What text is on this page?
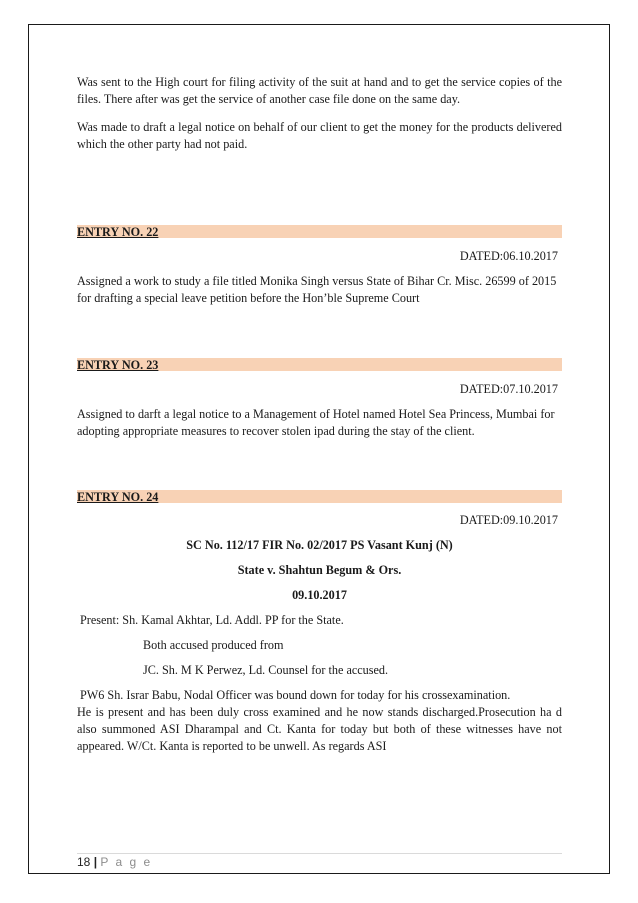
Was sent to the High court for filing activity of the suit at hand and to get the service copies of the files. There after was get the service of another case file done on the same day.

Was made to draft a legal notice on behalf of our client to get the money for the products delivered which the other party had not paid.

ENTRY NO. 22

DATED:06.10.2017

Assigned a work to study a file titled Monika Singh versus State of Bihar Cr. Misc. 26599 of 2015 for drafting a special leave petition before the Hon’ble Supreme Court

ENTRY NO. 23

DATED:07.10.2017

Assigned to darft a legal notice to a Management of Hotel named Hotel Sea Princess, Mumbai for adopting appropriate measures to recover stolen ipad during the stay of the client.

ENTRY NO. 24

DATED:09.10.2017

SC No. 112/17 FIR No. 02/2017 PS Vasant Kunj (N)

State v. Shahtun Begum & Ors.

09.10.2017

Present: Sh. Kamal Akhtar, Ld. Addl. PP for the State.

Both accused produced from

JC. Sh. M K Perwez, Ld. Counsel for the accused.

PW6 Sh. Israr Babu, Nodal Officer was bound down for today for his crossexamination.

He is present and has been duly cross examined and he now stands discharged.Prosecution ha d also summoned ASI Dharampal and Ct. Kanta for today but both of these witnesses have not appeared. W/Ct. Kanta is reported to be unwell. As regards ASI

18 | P a g e
